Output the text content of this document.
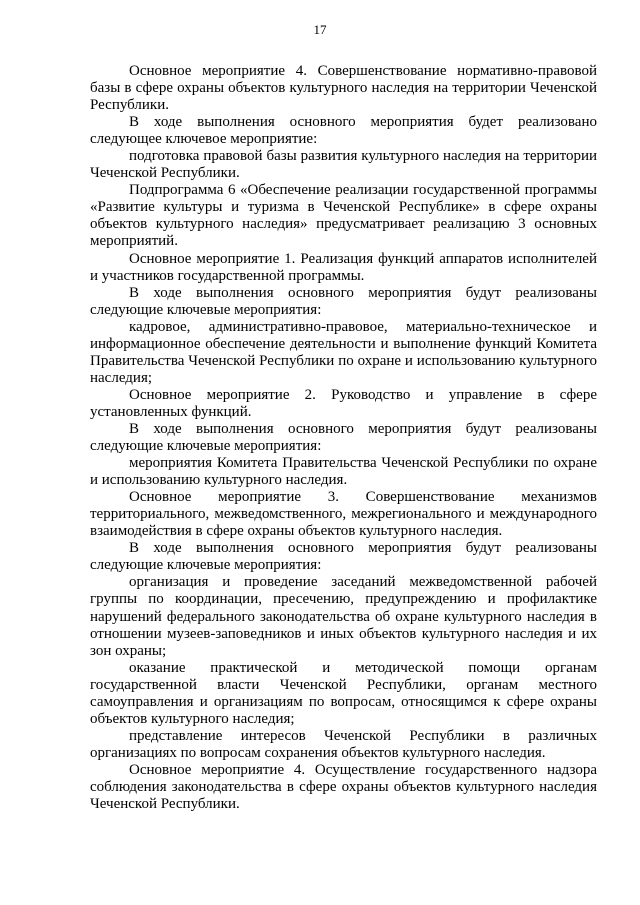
17

Основное мероприятие 4. Совершенствование нормативно-правовой базы в сфере охраны объектов культурного наследия на территории Чеченской Республики.

В ходе выполнения основного мероприятия будет реализовано следующее ключевое мероприятие:

подготовка правовой базы развития культурного наследия на территории Чеченской Республики.

Подпрограмма 6 «Обеспечение реализации государственной программы «Развитие культуры и туризма в Чеченской Республике» в сфере охраны объектов культурного наследия» предусматривает реализацию 3 основных мероприятий.

Основное мероприятие 1. Реализация функций аппаратов исполнителей и участников государственной программы.

В ходе выполнения основного мероприятия будут реализованы следующие ключевые мероприятия:

кадровое, административно-правовое, материально-техническое и информационное обеспечение деятельности и выполнение функций Комитета Правительства Чеченской Республики по охране и использованию культурного наследия;

Основное мероприятие 2. Руководство и управление в сфере установленных функций.

В ходе выполнения основного мероприятия будут реализованы следующие ключевые мероприятия:

мероприятия Комитета Правительства Чеченской Республики по охране и использованию культурного наследия.

Основное мероприятие 3. Совершенствование механизмов территориального, межведомственного, межрегионального и международного взаимодействия в сфере охраны объектов культурного наследия.

В ходе выполнения основного мероприятия будут реализованы следующие ключевые мероприятия:

организация и проведение заседаний межведомственной рабочей группы по координации, пресечению, предупреждению и профилактике нарушений федерального законодательства об охране культурного наследия в отношении музеев-заповедников и иных объектов культурного наследия и их зон охраны;

оказание практической и методической помощи органам государственной власти Чеченской Республики, органам местного самоуправления и организациям по вопросам, относящимся к сфере охраны объектов культурного наследия;

представление интересов Чеченской Республики в различных организациях по вопросам сохранения объектов культурного наследия.

Основное мероприятие 4. Осуществление государственного надзора соблюдения законодательства в сфере охраны объектов культурного наследия Чеченской Республики.
